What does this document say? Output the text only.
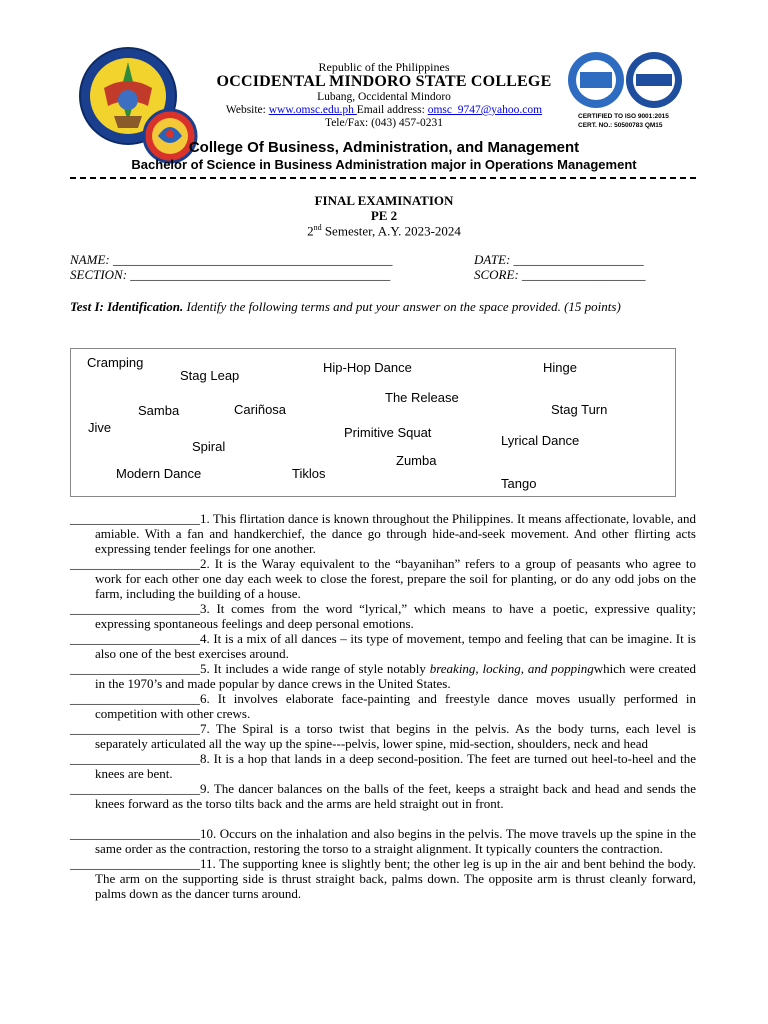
CERTIFIED TO ISO 9001:2015
CERT. NO.: 50500783 QM15
Republic of the Philippines
OCCIDENTAL MINDORO STATE COLLEGE
Lubang, Occidental Mindoro
Website: www.omsc.edu.ph Email address: omsc_9747@yahoo.com
Tele/Fax: (043) 457-0231
College Of Business, Administration, and Management
Bachelor of Science in Business Administration major in Operations Management
FINAL EXAMINATION
PE 2
2nd Semester, A.Y. 2023-2024
NAME: ___________________________________________	DATE: ____________________
SECTION: ________________________________________	SCORE: ___________________
Test I: Identification. Identify the following terms and put your answer on the space provided. (15 points)
Cramping
Stag Leap
Hip-Hop Dance	Hinge
The Release
Samba	Cariñosa	Stag Turn
Jive	Primitive Squat
Lyrical Dance
Spiral
Zumba
Modern Dance	Tiklos
Tango

____________________1. This flirtation dance is known throughout the Philippines. It means affectionate, lovable, and amiable. With a fan and handkerchief, the dance go through hide-and-seek movement. And other flirting acts expressing tender feelings for one another.

____________________2. It is the Waray equivalent to the “bayanihan” refers to a group of peasants who agree to work for each other one day each week to close the forest, prepare the soil for planting, or do any odd jobs on the farm, including the building of a house.

____________________3. It comes from the word “lyrical,” which means to have a poetic, expressive quality; expressing spontaneous feelings and deep personal emotions.

____________________4. It is a mix of all dances – its type of movement, tempo and feeling that can be imagine. It is also one of the best exercises around.

____________________5. It includes a wide range of style notably breaking, locking, and poppingwhich were created in the 1970’s and made popular by dance crews in the United States.

____________________6. It involves elaborate face-painting and freestyle dance moves usually performed in competition with other crews.

____________________7. The Spiral is a torso twist that begins in the pelvis. As the body turns, each level is separately articulated all the way up the spine---pelvis, lower spine, mid-section, shoulders, neck and head

____________________8. It is a hop that lands in a deep second-position. The feet are turned out heel-to-heel and the knees are bent.

____________________9. The dancer balances on the balls of the feet, keeps a straight back and head and sends the knees forward as the torso tilts back and the arms are held straight out in front.

____________________10. Occurs on the inhalation and also begins in the pelvis. The move travels up the spine in the same order as the contraction, restoring the torso to a straight alignment. It typically counters the contraction.

____________________11. The supporting knee is slightly bent; the other leg is up in the air and bent behind the body. The arm on the supporting side is thrust straight back, palms down. The opposite arm is thrust cleanly forward, palms down as the dancer turns around.
